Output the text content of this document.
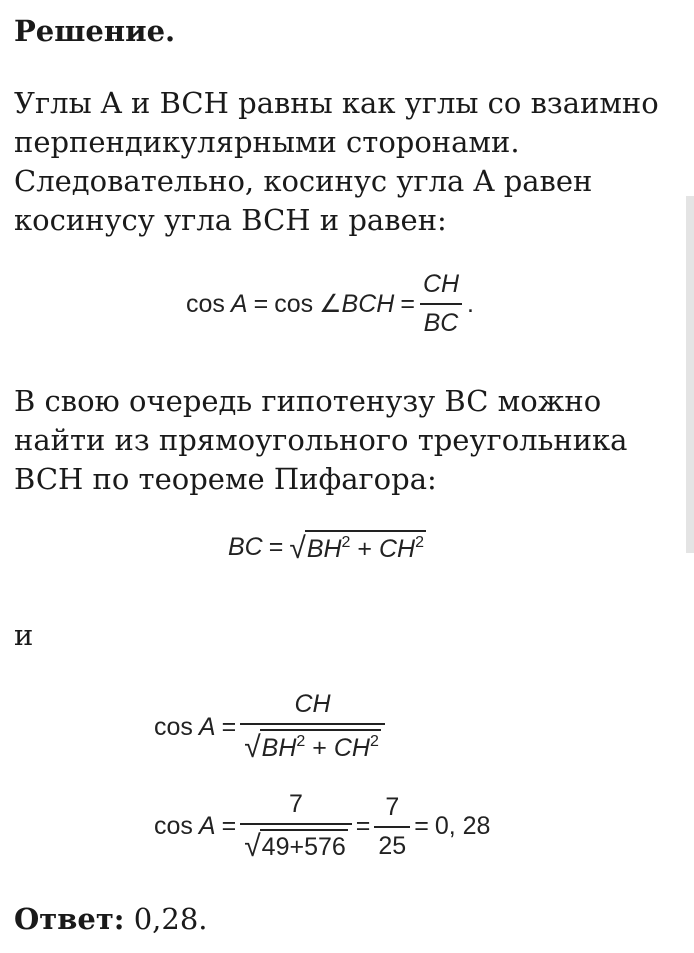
Решение.
Углы A и BCH равны как углы со взаимно перпендикулярными сторонами. Следовательно, косинус угла A равен косинусу угла BCH и равен:
cos A = cos ∠ BCH = $\frac{CH}{BC}$ .
В свою очередь гипотенузу BC можно найти из прямоугольного треугольника BCH по теореме Пифагора:
BC = √ $BH^2 + CH^2$
и
$\cos A = \frac{CH}{√ BH^2 + CH^2}$
$\cos A = \frac{7}{√ 49+576} = \frac{7}{25} = 0$, 28
Ответ: 0,28.
